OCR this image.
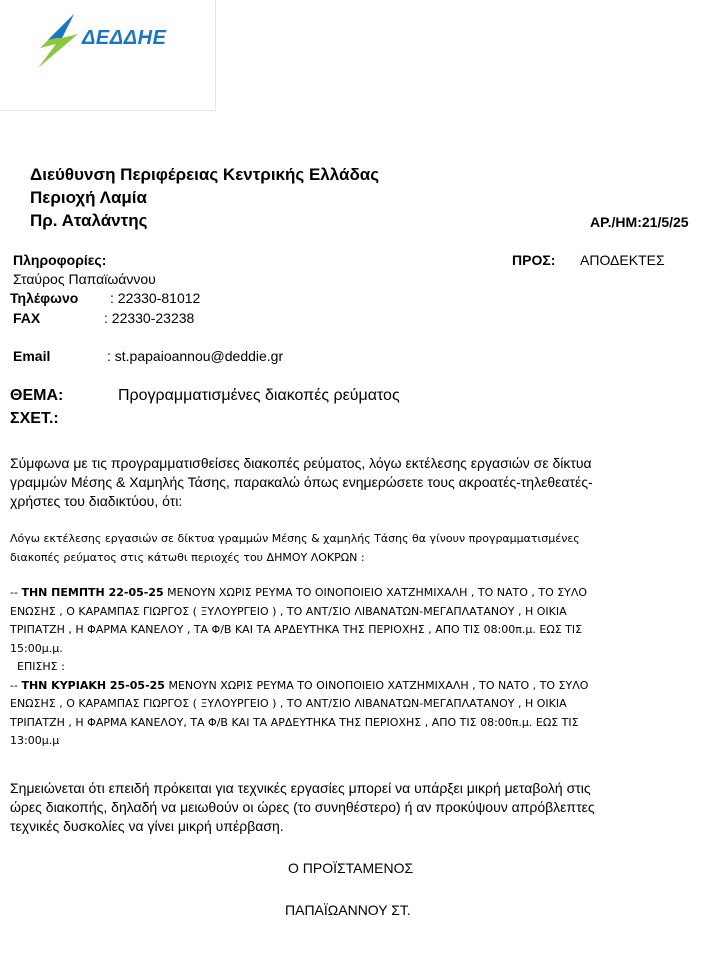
ΔΕΔΔΗΕ
Διεύθυνση Περιφέρειας Κεντρικής Ελλάδας
Περιοχή Λαμία
Πρ. Αταλάντης	ΑΡ./ΗΜ:21/5/25
Πληροφορίες:
Σταύρος Παπαϊωάννου
Τηλέφωνο : 22330-81012
FAX	: 22330-23238
Email	: st.papaioannou@deddie.gr
ΠΡΟΣ: ΑΠΟΔΕΚΤΕΣ
ΘΕΜΑ:	Προγραμματισμένες διακοπές ρεύματος
ΣΧΕΤ.:
Σύμφωνα με τις προγραμματισθείσες διακοπές ρεύματος, λόγω εκτέλεσης εργασιών σε δίκτυα
γραμμών Μέσης & Χαμηλής Τάσης, παρακαλώ όπως ενημερώσετε τους ακροατές-τηλεθεατές-
χρήστες του διαδικτύου, ότι:
Λόγω εκτέλεσης εργασιών σε δίκτυα γραμμών Μέσης & χαμηλής Τάσης θα γίνουν προγραμματισμένες
διακοπές ρεύματος στις κάτωθι περιοχές του ΔΗΜΟΥ ΛΟΚΡΩΝ :
-- ΤΗΝ ΠΕΜΠΤΗ 22-05-25 ΜΕΝΟΥΝ ΧΩΡΙΣ ΡΕΥΜΑ ΤΟ ΟΙΝΟΠΟΙΕΙΟ ΧΑΤΖΗΜΙΧΑΛΗ , ΤΟ ΝΑΤΟ , ΤΟ ΣΥΛΟ
ΕΝΩΣΗΣ , Ο ΚΑΡΑΜΠΑΣ ΓΙΩΡΓΟΣ ( ΞΥΛΟΥΡΓΕΙΟ ) , ΤΟ ΑΝΤ/ΣΙΟ ΛΙΒΑΝΑΤΩΝ-ΜΕΓΑΠΛΑΤΑΝΟΥ , Η ΟΙΚΙΑ
ΤΡΙΠΑΤΖΗ , Η ΦΑΡΜΑ ΚΑΝΕΛΟΥ , ΤΑ Φ/Β ΚΑΙ ΤΑ ΑΡΔΕΥΤΗΚΑ ΤΗΣ ΠΕΡΙΟΧΗΣ , ΑΠΟ ΤΙΣ 08:00π.μ. ΕΩΣ ΤΙΣ
15:00μ.μ.
ΕΠΙΣΗΣ :
-- ΤΗΝ ΚΥΡΙΑΚΗ 25-05-25 ΜΕΝΟΥΝ ΧΩΡΙΣ ΡΕΥΜΑ ΤΟ ΟΙΝΟΠΟΙΕΙΟ ΧΑΤΖΗΜΙΧΑΛΗ , ΤΟ ΝΑΤΟ , ΤΟ ΣΥΛΟ
ΕΝΩΣΗΣ , Ο ΚΑΡΑΜΠΑΣ ΓΙΩΡΓΟΣ ( ΞΥΛΟΥΡΓΕΙΟ ) , ΤΟ ΑΝΤ/ΣΙΟ ΛΙΒΑΝΑΤΩΝ-ΜΕΓΑΠΛΑΤΑΝΟΥ , Η ΟΙΚΙΑ
ΤΡΙΠΑΤΖΗ , Η ΦΑΡΜΑ ΚΑΝΕΛΟΥ, ΤΑ Φ/Β ΚΑΙ ΤΑ ΑΡΔΕΥΤΗΚΑ ΤΗΣ ΠΕΡΙΟΧΗΣ , ΑΠΟ ΤΙΣ 08:00π.μ. ΕΩΣ ΤΙΣ
13:00μ.μ
Σημειώνεται ότι επειδή πρόκειται για τεχνικές εργασίες μπορεί να υπάρξει μικρή μεταβολή στις
ώρες διακοπής, δηλαδή να μειωθούν οι ώρες (το συνηθέστερο) ή αν προκύψουν απρόβλεπτες
τεχνικές δυσκολίες να γίνει μικρή υπέρβαση.
Ο ΠΡΟΪΣΤΑΜΕΝΟΣ
ΠΑΠΑΪΩΑΝΝΟΥ ΣΤ.
